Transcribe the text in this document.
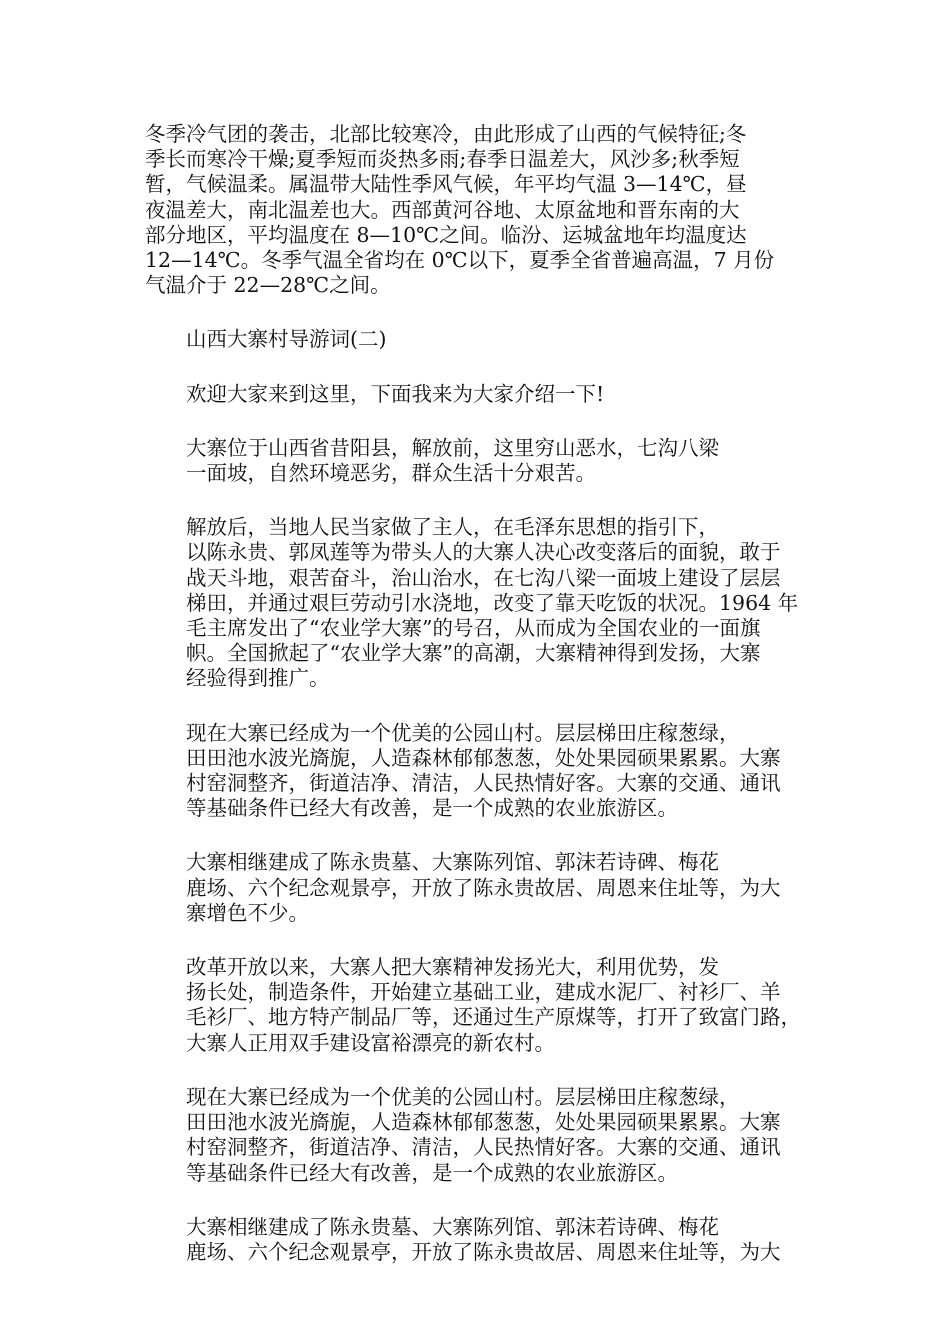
冬季冷气团的袭击，北部比较寒冷，由此形成了山西的气候特征;冬
季长而寒冷干燥;夏季短而炎热多雨;春季日温差大，风沙多;秋季短
暂，气候温柔。属温带大陆性季风气候，年平均气温 3—14℃，昼
夜温差大，南北温差也大。西部黄河谷地、太原盆地和晋东南的大
部分地区，平均温度在 8—10℃之间。临汾、运城盆地年均温度达
12—14℃。冬季气温全省均在 0℃以下，夏季全省普遍高温，7 月份
气温介于 22—28℃之间。

山西大寨村导游词(二)

欢迎大家来到这里，下面我来为大家介绍一下!

大寨位于山西省昔阳县，解放前，这里穷山恶水，七沟八梁
一面坡，自然环境恶劣，群众生活十分艰苦。

解放后，当地人民当家做了主人，在毛泽东思想的指引下，
以陈永贵、郭凤莲等为带头人的大寨人决心改变落后的面貌，敢于
战天斗地，艰苦奋斗，治山治水，在七沟八梁一面坡上建设了层层
梯田，并通过艰巨劳动引水浇地，改变了靠天吃饭的状况。1964 年
毛主席发出了“农业学大寨”的号召，从而成为全国农业的一面旗
帜。全国掀起了“农业学大寨”的高潮，大寨精神得到发扬，大寨
经验得到推广。

现在大寨已经成为一个优美的公园山村。层层梯田庄稼葱绿，
田田池水波光旖旎，人造森林郁郁葱葱，处处果园硕果累累。大寨
村窑洞整齐，街道洁净、清洁，人民热情好客。大寨的交通、通讯
等基础条件已经大有改善，是一个成熟的农业旅游区。

大寨相继建成了陈永贵墓、大寨陈列馆、郭沫若诗碑、梅花
鹿场、六个纪念观景亭，开放了陈永贵故居、周恩来住址等，为大
寨增色不少。

改革开放以来，大寨人把大寨精神发扬光大，利用优势，发
扬长处，制造条件，开始建立基础工业，建成水泥厂、衬衫厂、羊
毛衫厂、地方特产制品厂等，还通过生产原煤等，打开了致富门路，
大寨人正用双手建设富裕漂亮的新农村。

现在大寨已经成为一个优美的公园山村。层层梯田庄稼葱绿，
田田池水波光旖旎，人造森林郁郁葱葱，处处果园硕果累累。大寨
村窑洞整齐，街道洁净、清洁，人民热情好客。大寨的交通、通讯
等基础条件已经大有改善，是一个成熟的农业旅游区。

大寨相继建成了陈永贵墓、大寨陈列馆、郭沫若诗碑、梅花
鹿场、六个纪念观景亭，开放了陈永贵故居、周恩来住址等，为大
